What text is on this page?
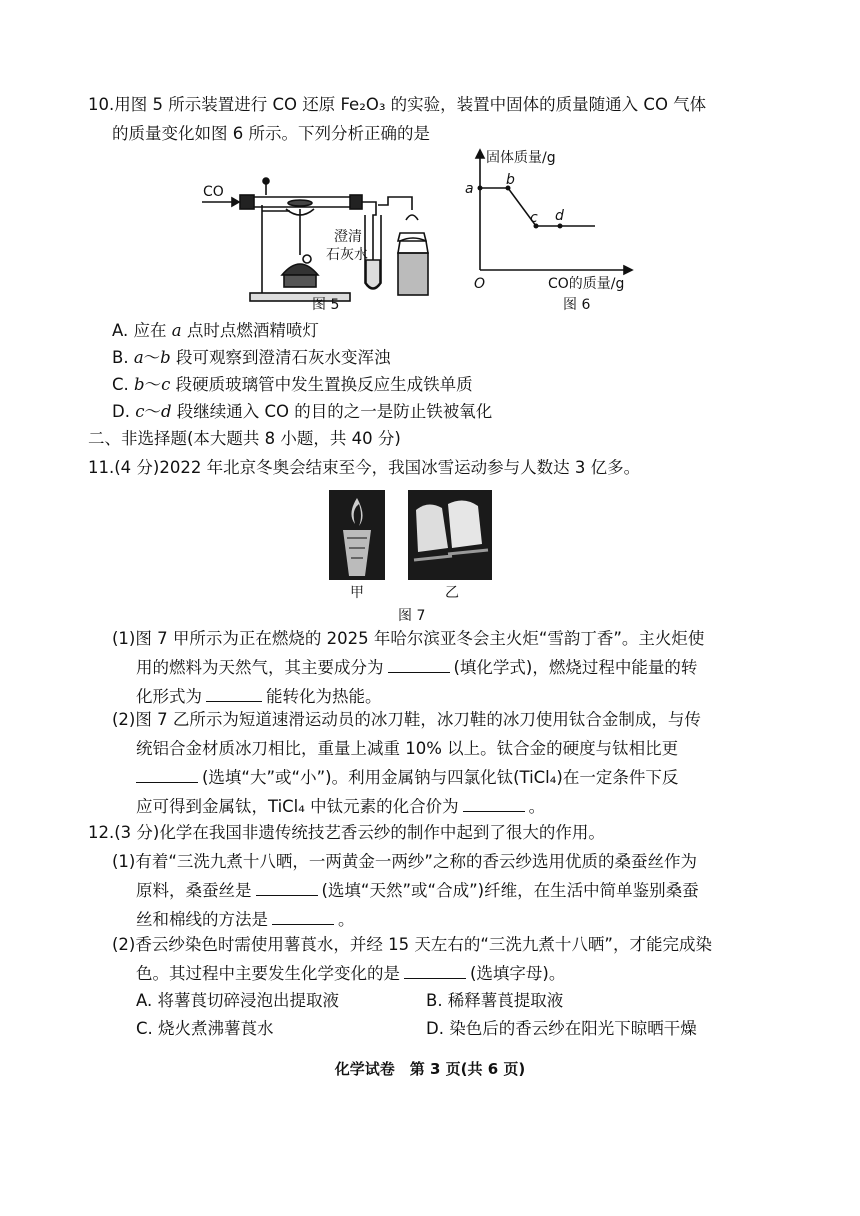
10.用图 5 所示装置进行 CO 还原 Fe₂O₃ 的实验，装置中固体的质量随通入 CO 气体
的质量变化如图 6 所示。下列分析正确的是
CO
澄清
石灰水
图 5
固体质量/g
CO的质量/g
O
a
b
c d
图 6
A. 应在 a 点时点燃酒精喷灯
B. a～b 段可观察到澄清石灰水变浑浊
C. b～c 段硬质玻璃管中发生置换反应生成铁单质
D. c～d 段继续通入 CO 的目的之一是防止铁被氧化
二、非选择题(本大题共 8 小题，共 40 分)
11.(4 分)2022 年北京冬奥会结束至今，我国冰雪运动参与人数达 3 亿多。
甲	乙
图 7
(1)图 7 甲所示为正在燃烧的 2025 年哈尔滨亚冬会主火炬“雪韵丁香”。主火炬使
用的燃料为天然气，其主要成分为	(填化学式)，燃烧过程中能量的转
化形式为	能转化为热能。
(2)图 7 乙所示为短道速滑运动员的冰刀鞋，冰刀鞋的冰刀使用钛合金制成，与传
统铝合金材质冰刀相比，重量上减重 10% 以上。钛合金的硬度与钛相比更
(选填“大”或“小”)。利用金属钠与四氯化钛(TiCl₄)在一定条件下反
应可得到金属钛，TiCl₄ 中钛元素的化合价为	。
12.(3 分)化学在我国非遗传统技艺香云纱的制作中起到了很大的作用。
(1)有着“三洗九煮十八晒，一两黄金一两纱”之称的香云纱选用优质的桑蚕丝作为
原料，桑蚕丝是	(选填“天然”或“合成”)纤维，在生活中简单鉴别桑蚕
丝和棉线的方法是	。
(2)香云纱染色时需使用薯莨水，并经 15 天左右的“三洗九煮十八晒”，才能完成染
色。其过程中主要发生化学变化的是	(选填字母)。
A. 将薯莨切碎浸泡出提取液	B. 稀释薯莨提取液
C. 烧火煮沸薯莨水	D. 染色后的香云纱在阳光下晾晒干燥
化学试卷　第 3 页(共 6 页)
